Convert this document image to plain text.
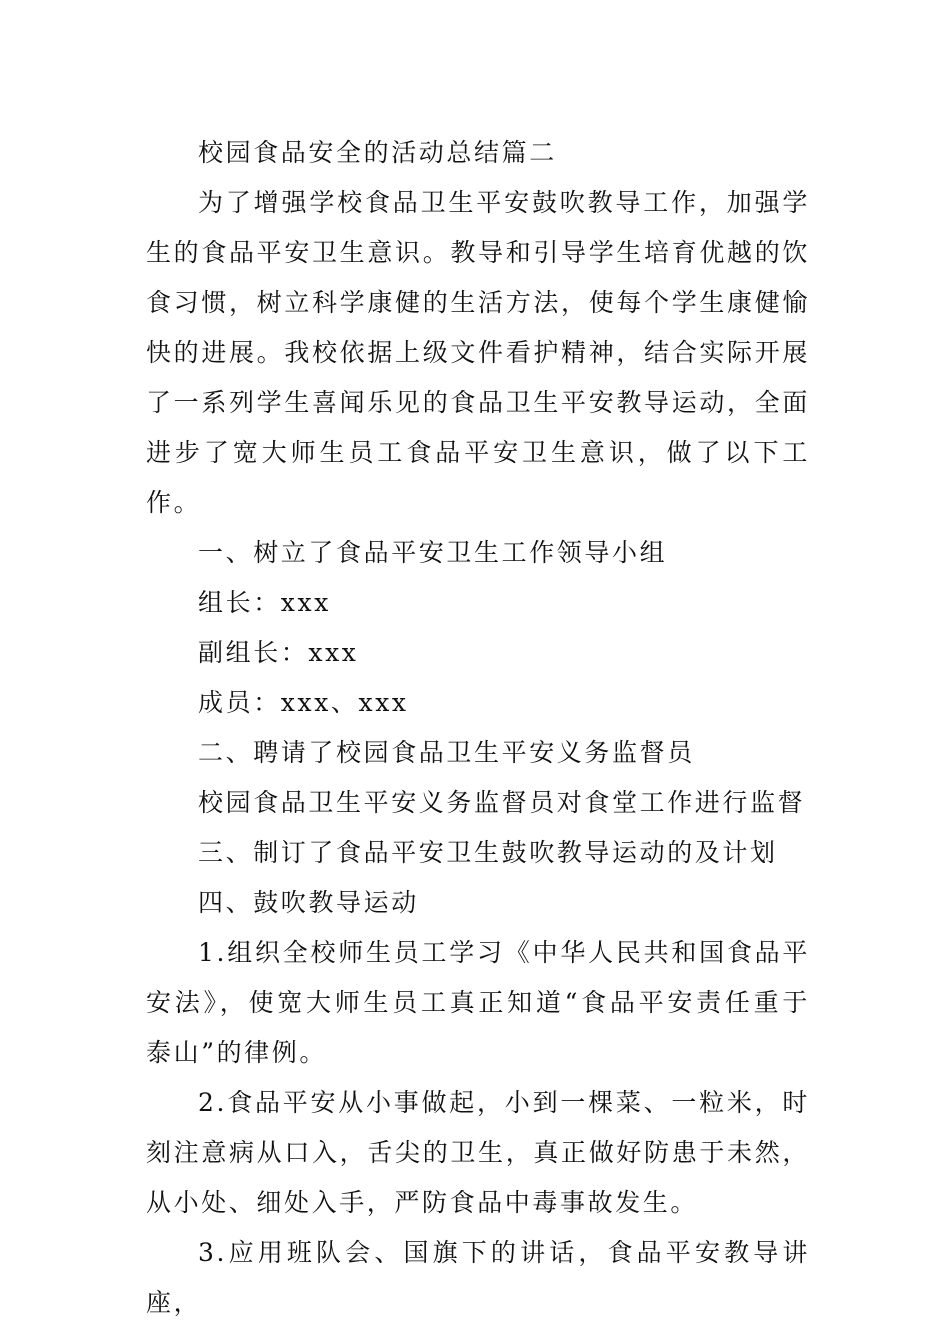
校园食品安全的活动总结篇二

为了增强学校食品卫生平安鼓吹教导工作，加强学生的食品平安卫生意识。教导和引导学生培育优越的饮食习惯，树立科学康健的生活方法，使每个学生康健愉快的进展。我校依据上级文件看护精神，结合实际开展了一系列学生喜闻乐见的食品卫生平安教导运动，全面进步了宽大师生员工食品平安卫生意识，做了以下工作。

一、树立了食品平安卫生工作领导小组

组长：xxx

副组长：xxx

成员：xxx、xxx

二、聘请了校园食品卫生平安义务监督员

校园食品卫生平安义务监督员对食堂工作进行监督

三、制订了食品平安卫生鼓吹教导运动的及计划

四、鼓吹教导运动

1.组织全校师生员工学习《中华人民共和国食品平安法》，使宽大师生员工真正知道“食品平安责任重于泰山”的律例。

2.食品平安从小事做起，小到一棵菜、一粒米，时刻注意病从口入，舌尖的卫生，真正做好防患于未然，从小处、细处入手，严防食品中毒事故发生。

3.应用班队会、国旗下的讲话，食品平安教导讲座，
